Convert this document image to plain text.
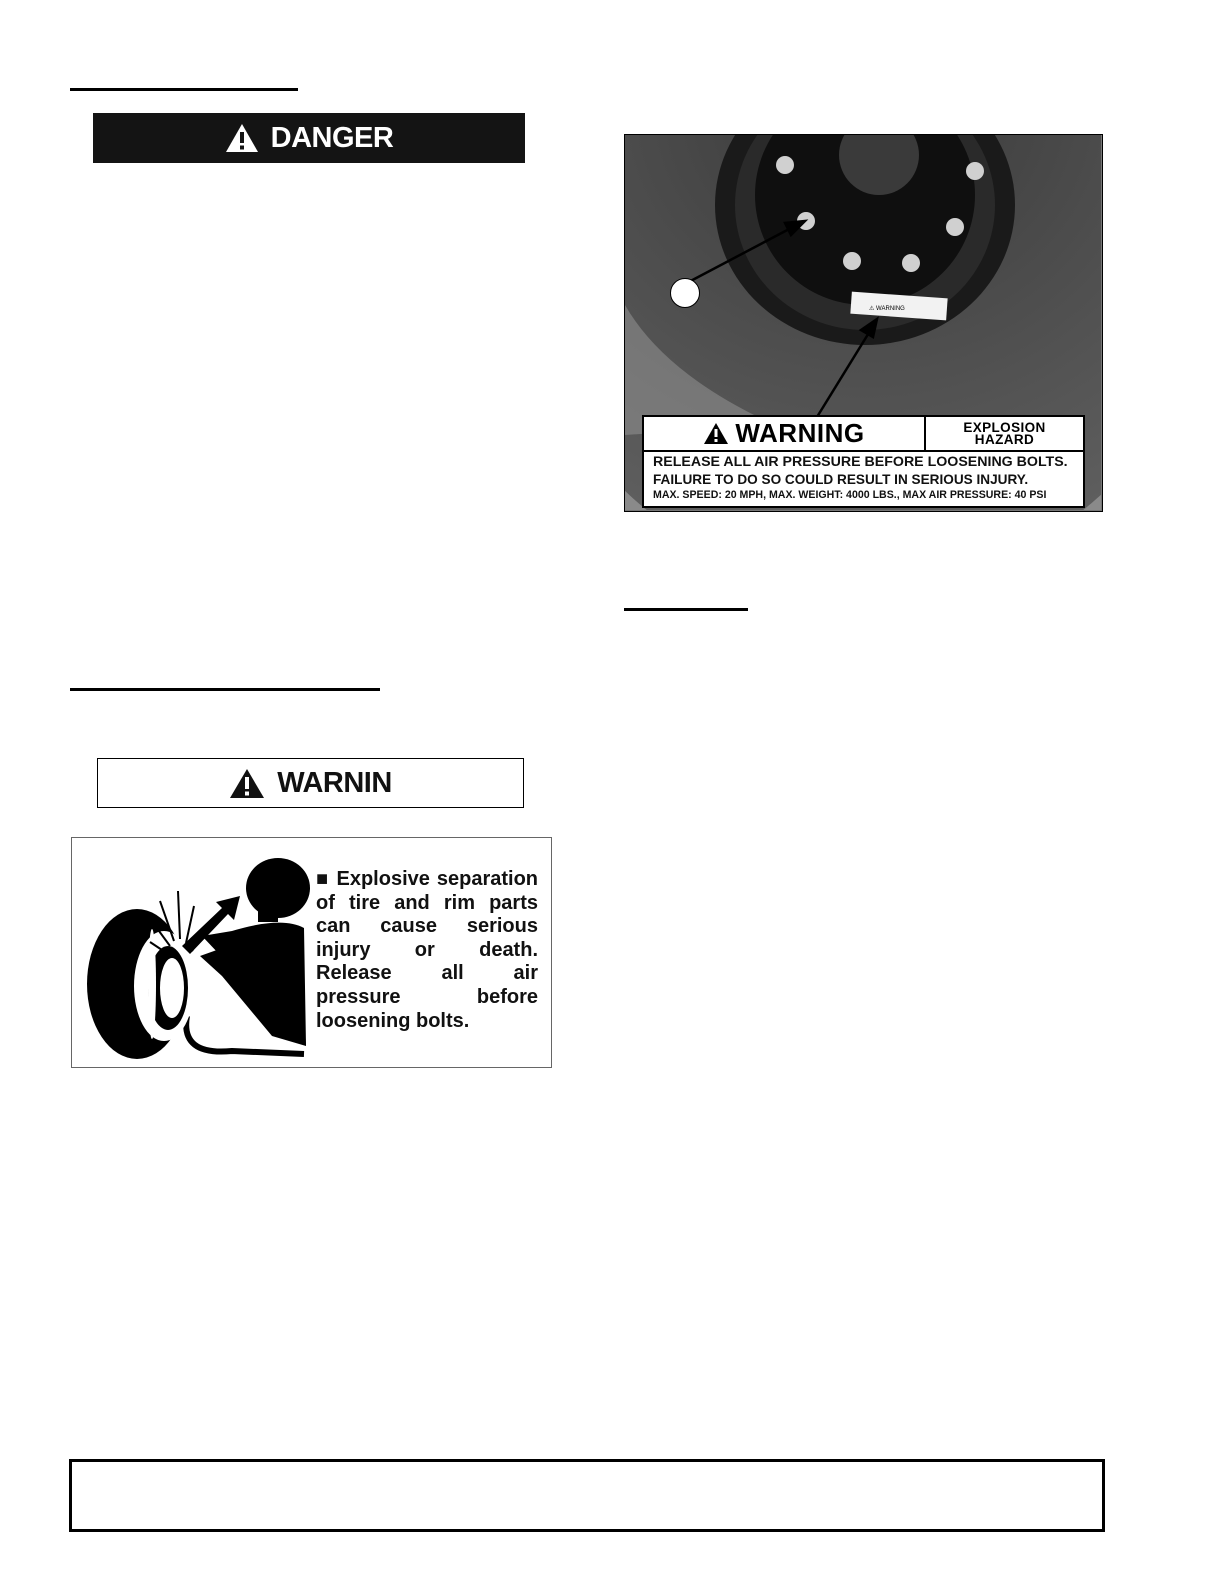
DANGER
WARNIN
■ Explosive separation of tire and rim parts can cause serious injury or death. Release all air pressure before loosening bolts.
⚠ WARNING
WARNING	EXPLOSION
HAZARD
RELEASE ALL AIR PRESSURE BEFORE LOOSENING BOLTS.
FAILURE TO DO SO COULD RESULT IN SERIOUS INJURY.
MAX. SPEED: 20 MPH, MAX. WEIGHT: 4000 LBS., MAX AIR PRESSURE: 40 PSI
